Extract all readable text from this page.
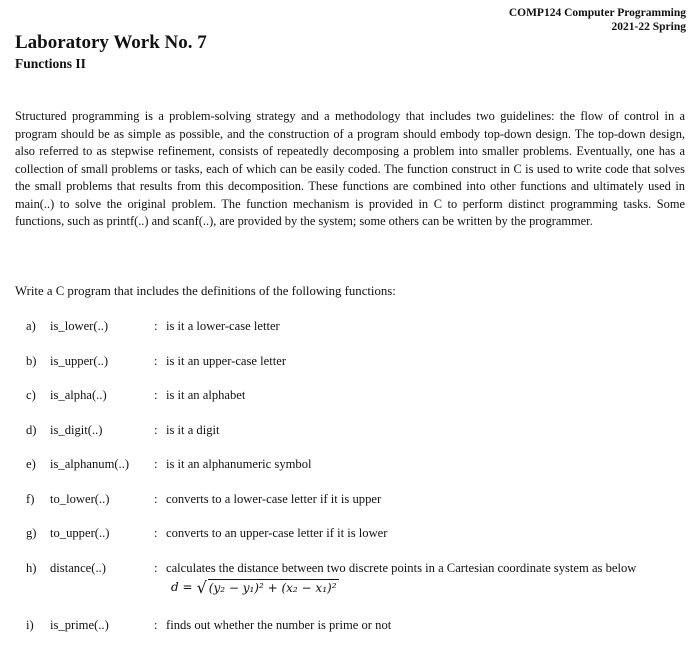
COMP124 Computer Programming
2021-22 Spring
Laboratory Work No. 7
Functions II

Structured programming is a problem-solving strategy and a methodology that includes two guidelines: the flow of control in a program should be as simple as possible, and the construction of a program should embody top-down design. The top-down design, also referred to as stepwise refinement, consists of repeatedly decomposing a problem into smaller problems. Eventually, one has a collection of small problems or tasks, each of which can be easily coded. The function construct in C is used to write code that solves the small problems that results from this decomposition. These functions are combined into other functions and ultimately used in main(..) to solve the original problem. The function mechanism is provided in C to perform distinct programming tasks. Some functions, such as printf(..) and scanf(..), are provided by the system; some others can be written by the programmer.

Write a C program that includes the definitions of the following functions:
a) is_lower(..)	: is it a lower-case letter
b) is_upper(..)	: is it an upper-case letter
c) is_alpha(..)	: is it an alphabet
d) is_digit(..)	: is it a digit
e) is_alphanum(..) : is it an alphanumeric symbol
f) to_lower(..)	: converts to a lower-case letter if it is upper
g) to_upper(..)	: converts to an upper-case letter if it is lower
h) distance(..)	: calculates the distance between two discrete points in a Cartesian coordinate system as below
d = √ (y₂ − y₁)² + (x₂ − x₁)²
i) is_prime(..)	: finds out whether the number is prime or not
